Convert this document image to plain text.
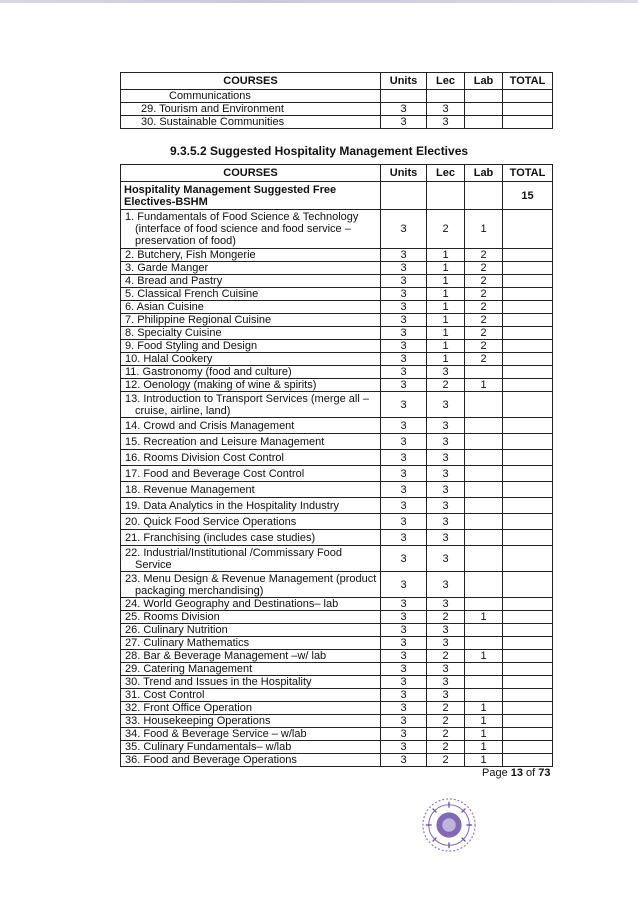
COURSES	Units	Lec	Lab	TOTAL
Communications				
29. Tourism and Environment	3	3		
30. Sustainable Communities	3	3		
9.3.5.2 Suggested Hospitality Management Electives
COURSES	Units	Lec	Lab	TOTAL
Hospitality Management Suggested Free Electives-BSHM				15
1. Fundamentals of Food Science & Technology (interface of food science and food service – preservation of food)	3	2	1	
2. Butchery, Fish Mongerie	3	1	2	
3. Garde Manger	3	1	2	
4. Bread and Pastry	3	1	2	
5. Classical French Cuisine	3	1	2	
6. Asian Cuisine	3	1	2	
7. Philippine Regional Cuisine	3	1	2	
8. Specialty Cuisine	3	1	2	
9. Food Styling and Design	3	1	2	
10. Halal Cookery	3	1	2	
11. Gastronomy (food and culture)	3	3		
12. Oenology (making of wine & spirits)	3	2	1	
13. Introduction to Transport Services (merge all – cruise, airline, land)	3	3		
14. Crowd and Crisis Management	3	3		
15. Recreation and Leisure Management	3	3		
16. Rooms Division Cost Control	3	3		
17. Food and Beverage Cost Control	3	3		
18. Revenue Management	3	3		
19. Data Analytics in the Hospitality Industry	3	3		
20. Quick Food Service Operations	3	3		
21. Franchising (includes case studies)	3	3		
22. Industrial/Institutional /Commissary Food Service	3	3		
23. Menu Design & Revenue Management (product packaging merchandising)	3	3		
24. World Geography and Destinations– lab	3	3		
25. Rooms Division	3	2	1	
26. Culinary Nutrition	3	3		
27. Culinary Mathematics	3	3		
28. Bar & Beverage Management –w/ lab	3	2	1	
29. Catering Management	3	3		
30. Trend and Issues in the Hospitality	3	3		
31. Cost Control	3	3		
32. Front Office Operation	3	2	1	
33. Housekeeping Operations	3	2	1	
34. Food & Beverage Service – w/lab	3	2	1	
35. Culinary Fundamentals– w/lab	3	2	1	
36. Food and Beverage Operations	3	2	1	
Page 13 of 73
